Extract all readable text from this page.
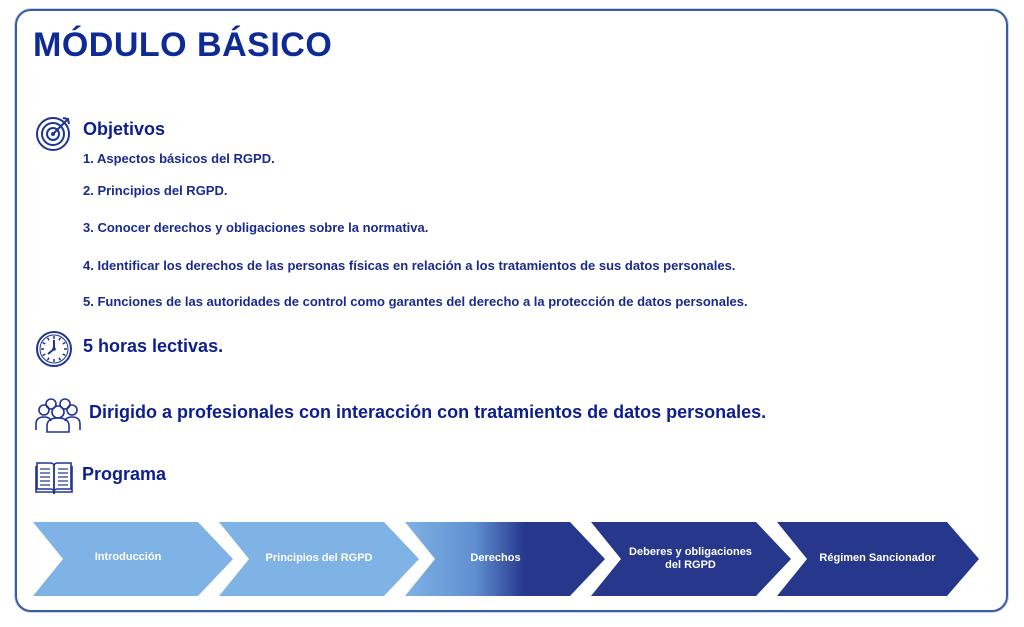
MÓDULO BÁSICO
Objetivos
1. Aspectos básicos del RGPD.
2. Principios del RGPD.
3. Conocer derechos y obligaciones sobre la normativa.
4. Identificar los derechos de las personas físicas en relación a los tratamientos de sus datos personales.
5. Funciones de las autoridades de control como garantes del derecho a la protección de datos personales.
5 horas lectivas.
Dirigido a profesionales con interacción con tratamientos de datos personales.
Programa
Introducción	Principios del RGPD	Derechos	Deberes y obligaciones
del RGPD
Régimen Sancionador
